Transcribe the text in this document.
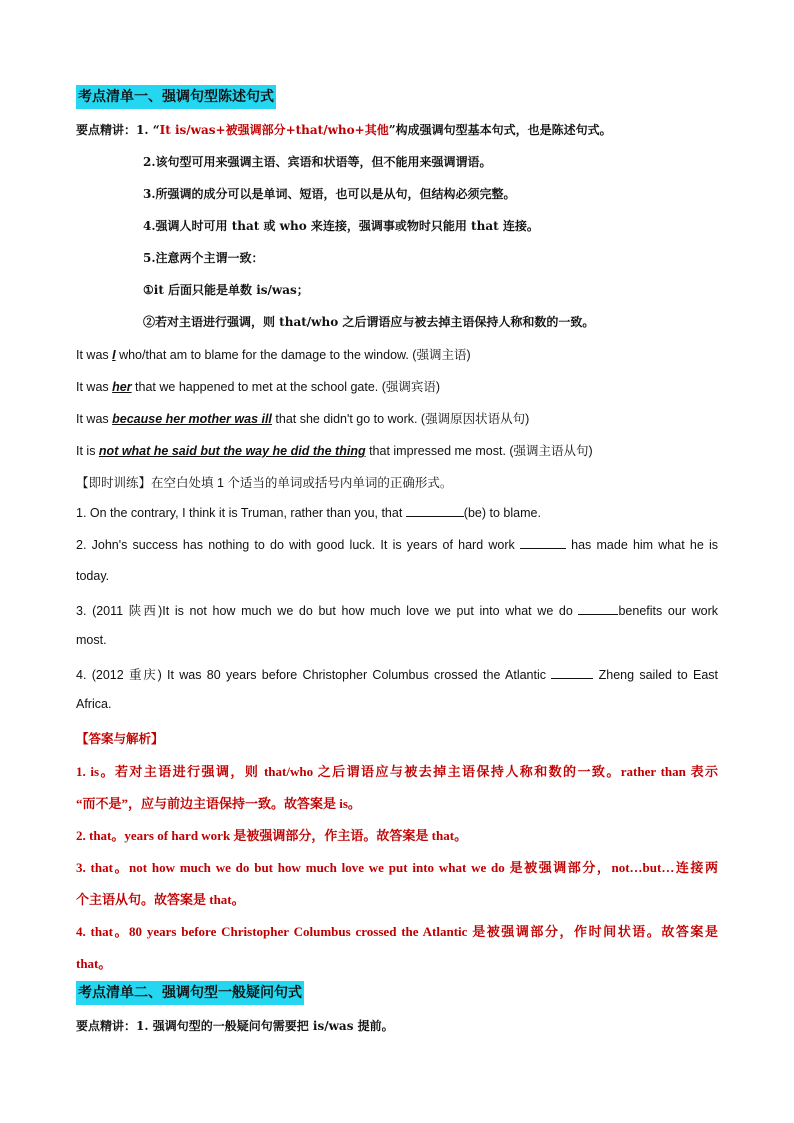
考点清单一、强调句型陈述句式
要点精讲：1. “It is/was+被强调部分+that/who+其他”构成强调句型基本句式，也是陈述句式。
2.该句型可用来强调主语、宾语和状语等，但不能用来强调谓语。
3.所强调的成分可以是单词、短语，也可以是从句，但结构必须完整。
4.强调人时可用 that 或 who 来连接，强调事或物时只能用 that 连接。
5.注意两个主谓一致：
①it 后面只能是单数 is/was；
②若对主语进行强调，则 that/who 之后谓语应与被去掉主语保持人称和数的一致。
It was I who/that am to blame for the damage to the window. (强调主语)
It was her that we happened to met at the school gate. (强调宾语)
It was because her mother was ill that she didn't go to work. (强调原因状语从句)
It is not what he said but the way he did the thing that impressed me most. (强调主语从句)
【即时训练】在空白处填 1 个适当的单词或括号内单词的正确形式。
1. On the contrary, I think it is Truman, rather than you, that	(be) to blame.
2. John's success has nothing to do with good luck. It is years of hard work	has made him what he is
today.
3. (2011 陕西)It is not how much we do but how much love we put into what we do	benefits our work
most.
4. (2012 重庆) It was 80 years before Christopher Columbus crossed the Atlantic	Zheng sailed to East
Africa.
【答案与解析】
1. is。若对主语进行强调，则 that/who 之后谓语应与被去掉主语保持人称和数的一致。rather than 表示
“而不是”，应与前边主语保持一致。故答案是 is。
2. that。years of hard work 是被强调部分，作主语。故答案是 that。
3. that。not how much we do but how much love we put into what we do 是被强调部分，not…but…连接两
个主语从句。故答案是 that。
4. that。80 years before Christopher Columbus crossed the Atlantic 是被强调部分，作时间状语。故答案是
that。
考点清单二、强调句型一般疑问句式
要点精讲：1. 强调句型的一般疑问句需要把 is/was 提前。
